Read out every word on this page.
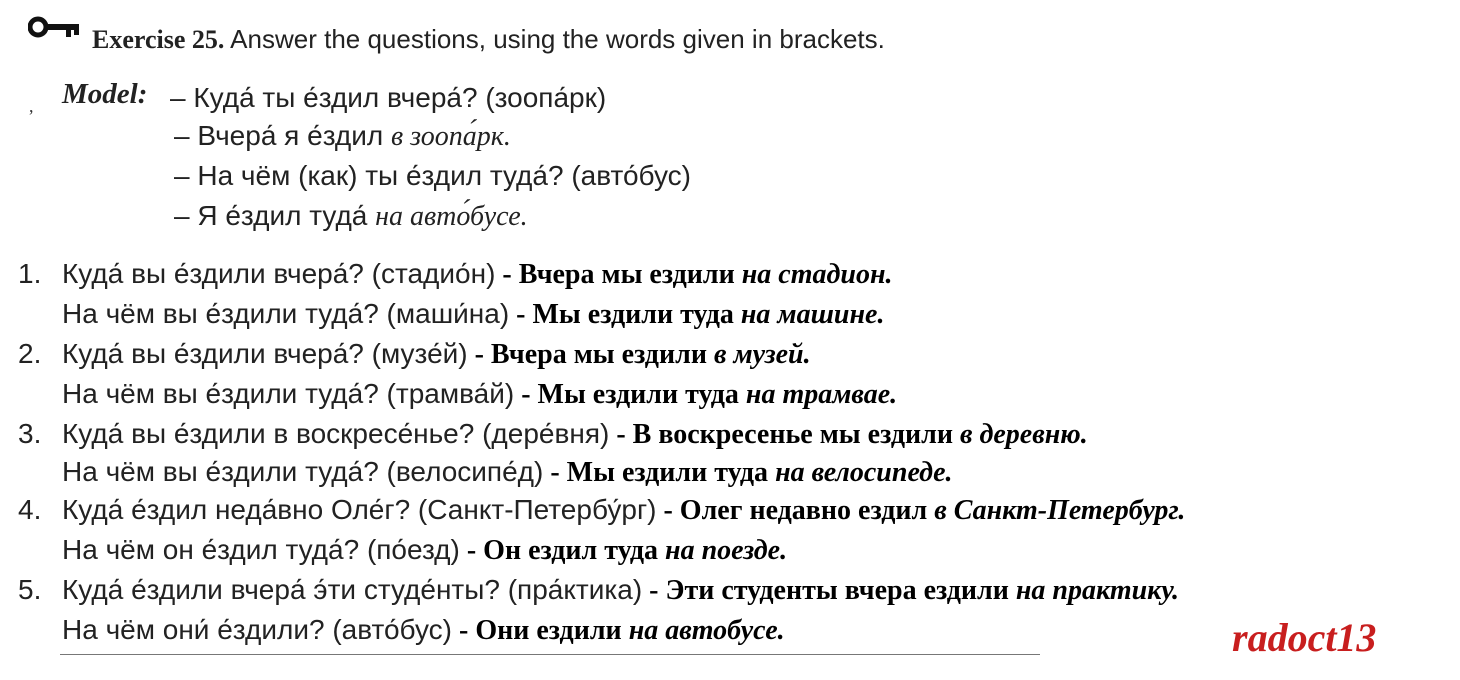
Exercise 25. Answer the questions, using the words given in brackets.
, Model: – Куда́ ты е́здил вчера́? (зоопа́рк)
– Вчера́ я е́здил в зоопа́рк.
– На чём (как) ты е́здил туда́? (авто́бус)
– Я е́здил туда́ на авто́бусе.
1. Куда́ вы е́здили вчера́? (стадио́н) - Вчера мы ездили на стадион.
На чём вы е́здили туда́? (маши́на) - Мы ездили туда на машине.
2. Куда́ вы е́здили вчера́? (музе́й) - Вчера мы ездили в музей.
На чём вы е́здили туда́? (трамва́й) - Мы ездили туда на трамвае.
3. Куда́ вы е́здили в воскресе́нье? (дере́вня) - В воскресенье мы ездили в деревню.
На чём вы е́здили туда́? (велосипе́д) - Мы ездили туда на велосипеде.
4. Куда́ е́здил неда́вно Оле́г? (Санкт-Петербу́рг) - Олег недавно ездил в Санкт-Петербург.
На чём он е́здил туда́? (по́езд) - Он ездил туда на поезде.
5. Куда́ е́здили вчера́ э́ти студе́нты? (пра́ктика) - Эти студенты вчера ездили на практику.
На чём они́ е́здили? (авто́бус) - Они ездили на автобусе.	radoct13
